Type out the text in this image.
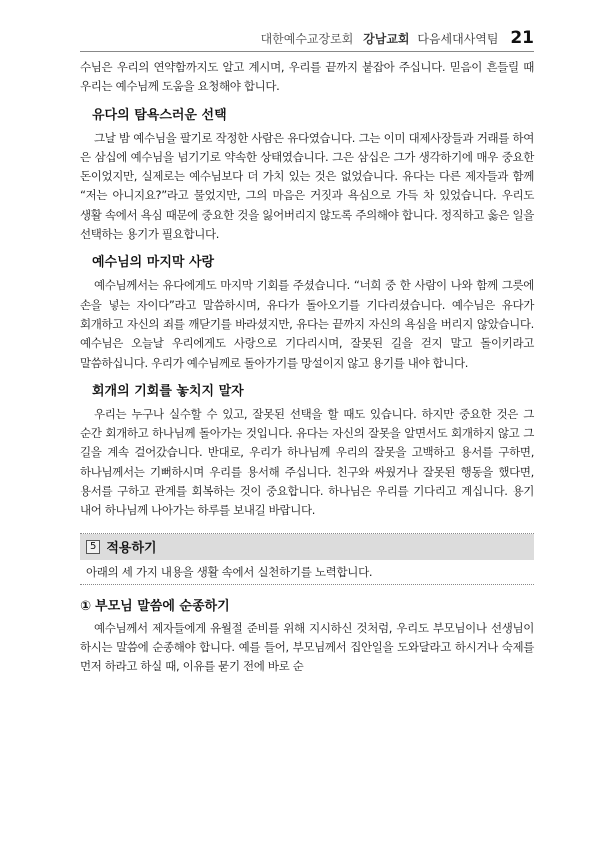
대한예수교장로회 강남교회 다음세대사역팀 21

수님은 우리의 연약함까지도 알고 계시며, 우리를 끝까지 붙잡아 주십니다. 믿음이 흔들릴 때 우리는 예수님께 도움을 요청해야 합니다.

유다의 탐욕스러운 선택

그날 밤 예수님을 팔기로 작정한 사람은 유다였습니다. 그는 이미 대제사장들과 거래를 하여 은 삼십에 예수님을 넘기기로 약속한 상태였습니다. 그은 삼십은 그가 생각하기에 매우 중요한 돈이었지만, 실제로는 예수님보다 더 가치 있는 것은 없었습니다. 유다는 다른 제자들과 함께 “저는 아니지요?”라고 물었지만, 그의 마음은 거짓과 욕심으로 가득 차 있었습니다. 우리도 생활 속에서 욕심 때문에 중요한 것을 잃어버리지 않도록 주의해야 합니다. 정직하고 옳은 일을 선택하는 용기가 필요합니다.

예수님의 마지막 사랑

예수님께서는 유다에게도 마지막 기회를 주셨습니다. “너희 중 한 사람이 나와 함께 그릇에 손을 넣는 자이다”라고 말씀하시며, 유다가 돌아오기를 기다리셨습니다. 예수님은 유다가 회개하고 자신의 죄를 깨닫기를 바라셨지만, 유다는 끝까지 자신의 욕심을 버리지 않았습니다. 예수님은 오늘날 우리에게도 사랑으로 기다리시며, 잘못된 길을 걷지 말고 돌이키라고 말씀하십니다. 우리가 예수님께로 돌아가기를 망설이지 않고 용기를 내야 합니다.

회개의 기회를 놓치지 말자

우리는 누구나 실수할 수 있고, 잘못된 선택을 할 때도 있습니다. 하지만 중요한 것은 그 순간 회개하고 하나님께 돌아가는 것입니다. 유다는 자신의 잘못을 알면서도 회개하지 않고 그 길을 계속 걸어갔습니다. 반대로, 우리가 하나님께 우리의 잘못을 고백하고 용서를 구하면, 하나님께서는 기뻐하시며 우리를 용서해 주십니다. 친구와 싸웠거나 잘못된 행동을 했다면, 용서를 구하고 관계를 회복하는 것이 중요합니다. 하나님은 우리를 기다리고 계십니다. 용기 내어 하나님께 나아가는 하루를 보내길 바랍니다.

5 적용하기
아래의 세 가지 내용을 생활 속에서 실천하기를 노력합니다.
① 부모님 말씀에 순종하기

예수님께서 제자들에게 유월절 준비를 위해 지시하신 것처럼, 우리도 부모님이나 선생님이 하시는 말씀에 순종해야 합니다. 예를 들어, 부모님께서 집안일을 도와달라고 하시거나 숙제를 먼저 하라고 하실 때, 이유를 묻기 전에 바로 순
